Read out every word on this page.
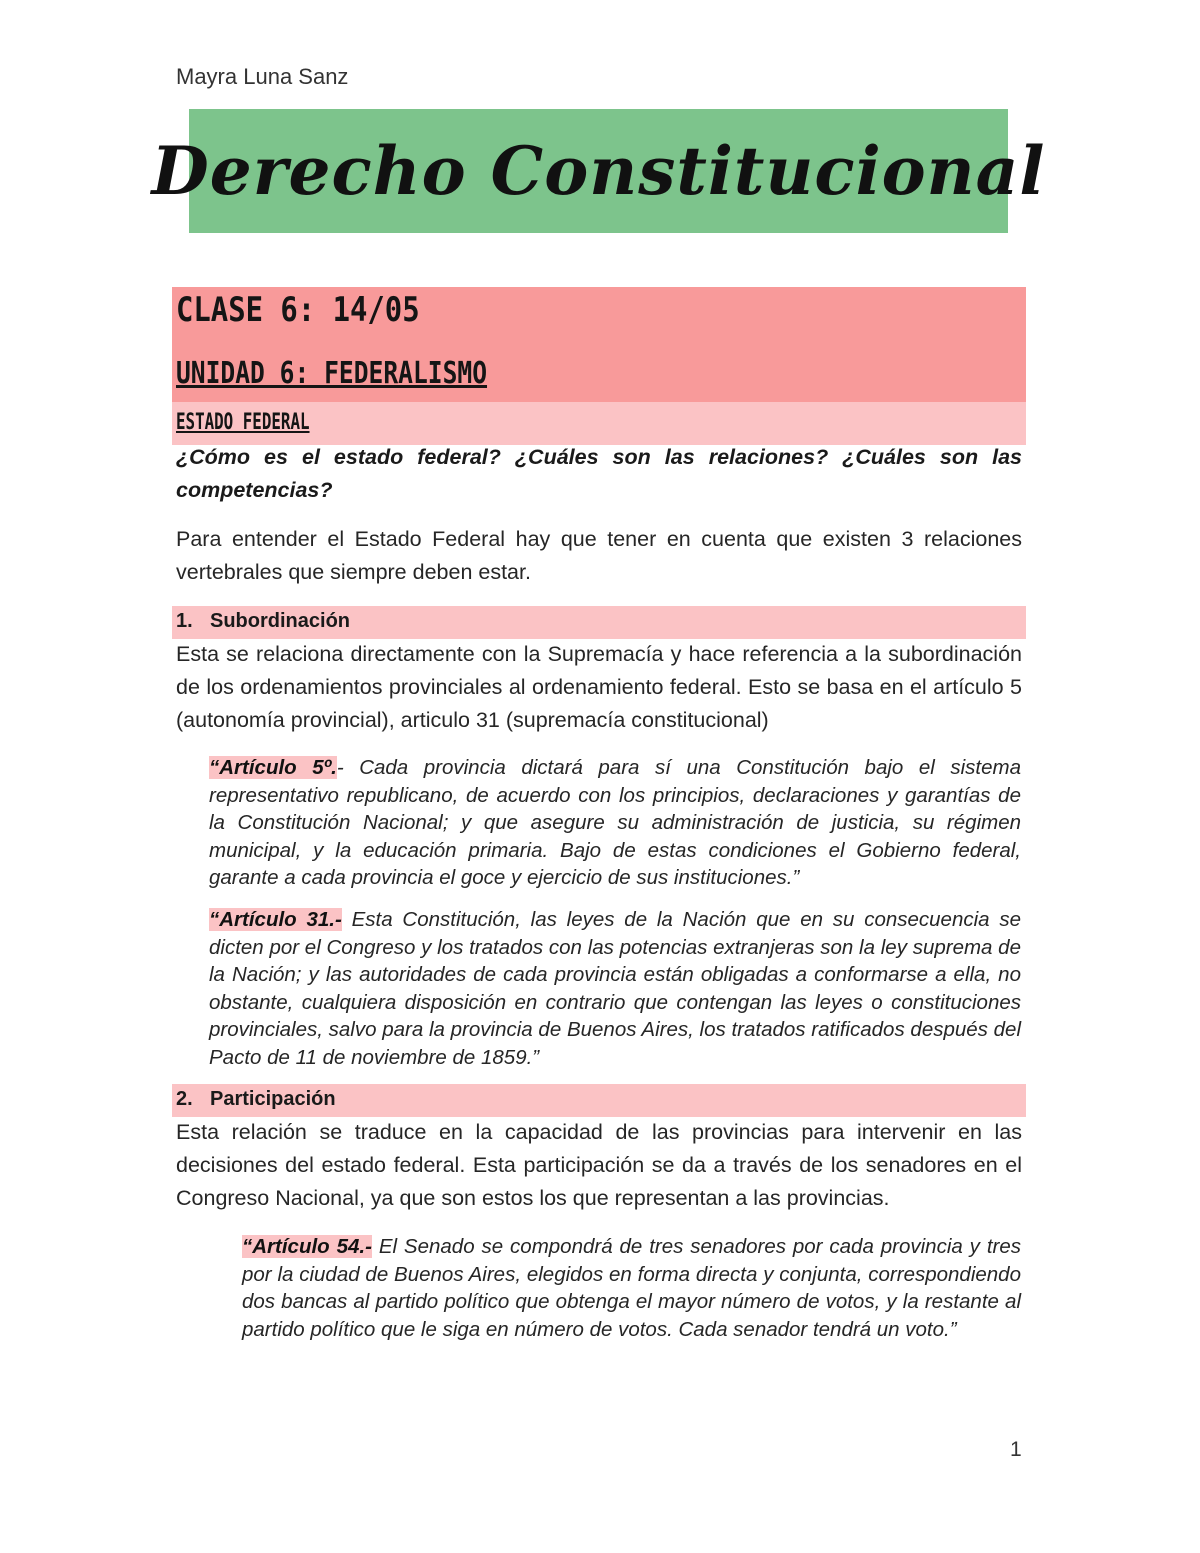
Mayra Luna Sanz
Derecho Constitucional
CLASE 6: 14/05
UNIDAD 6: FEDERALISMO
ESTADO FEDERAL
¿Cómo es el estado federal? ¿Cuáles son las relaciones? ¿Cuáles son las competencias?
Para entender el Estado Federal hay que tener en cuenta que existen 3 relaciones vertebrales que siempre deben estar.
1. Subordinación
Esta se relaciona directamente con la Supremacía y hace referencia a la subordinación de los ordenamientos provinciales al ordenamiento federal. Esto se basa en el artículo 5 (autonomía provincial), articulo 31 (supremacía constitucional)
“Artículo 5º.- Cada provincia dictará para sí una Constitución bajo el sistema representativo republicano, de acuerdo con los principios, declaraciones y garantías de la Constitución Nacional; y que asegure su administración de justicia, su régimen municipal, y la educación primaria. Bajo de estas condiciones el Gobierno federal, garante a cada provincia el goce y ejercicio de sus instituciones.”
“Artículo 31.- Esta Constitución, las leyes de la Nación que en su consecuencia se dicten por el Congreso y los tratados con las potencias extranjeras son la ley suprema de la Nación; y las autoridades de cada provincia están obligadas a conformarse a ella, no obstante, cualquiera disposición en contrario que contengan las leyes o constituciones provinciales, salvo para la provincia de Buenos Aires, los tratados ratificados después del Pacto de 11 de noviembre de 1859.”
2. Participación
Esta relación se traduce en la capacidad de las provincias para intervenir en las decisiones del estado federal. Esta participación se da a través de los senadores en el Congreso Nacional, ya que son estos los que representan a las provincias.
“Artículo 54.- El Senado se compondrá de tres senadores por cada provincia y tres por la ciudad de Buenos Aires, elegidos en forma directa y conjunta, correspondiendo dos bancas al partido político que obtenga el mayor número de votos, y la restante al partido político que le siga en número de votos. Cada senador tendrá un voto.”
1
